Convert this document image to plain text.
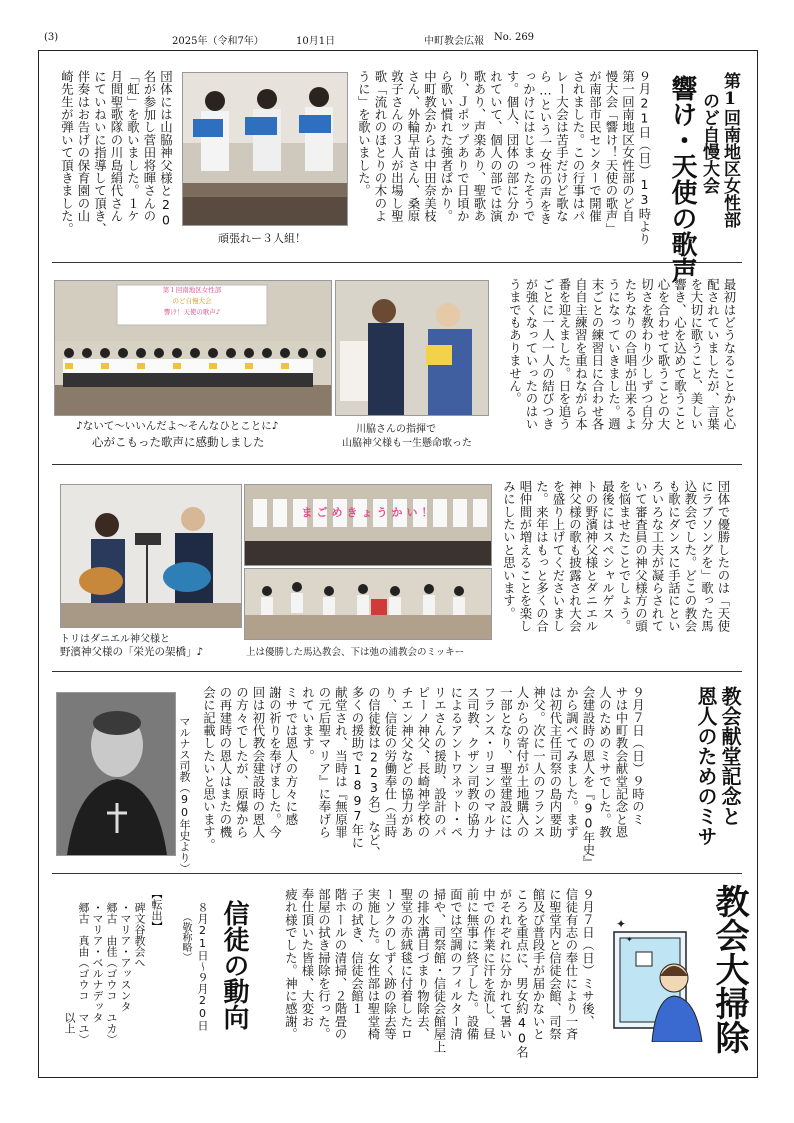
(3)	2025年（令和7年）	10月1日	中町教会広報 No. 269
第1回南地区女性部
のど自慢大会
響け・天使の歌声
９月21日（日）13時より
第一回南地区女性部のど自
慢大会「響け！天使の歌声」
が南部市民センターで開催
されました。この行事はパ
レー大会は苦手だけど歌な
ら…という一女性の声をき
っかけにはじまったそうで
す。個人、団体の部に分か
れていて、個人の部では演
歌あり、声楽あり、聖歌あ
り、Ｊポップありで日頃か
ら歌い慣れた強者ばかり。
中町教会からは中田奈美枝
さん、外輪早苗さん、桑原
敦子さんの３人が出場し聖
歌「流れのほとりの木のよ
うに」を歌いました。
頑張れー３人組！
団体には山脇神父様と20
名が参加し菅田将暉さんの
「虹」を歌いました。１ケ
月間聖歌隊の川島絹代さん
にていねいに指導して頂き、
伴奏はお告げの保育園の山
崎先生が弾いて頂きました。
最初はどうなることかと心
配されていましたが、言葉
を大切に歌うこと、美しい
響き、心を込めて歌うこと
心を合わせて歌うことの大
切さを教わり少しずつ自分
たちなりの合唱が出来るよ
うになっていきました。週
末ごとの練習日に合わせ各
自自主練習を重ねながら本
番を迎えました。日を追う
ごとに一人一人の結びつき
が強くなっていったのはい
うまでもありません。
第１回南地区女性部
のど自慢大会
響け！天使の歌声♪
♪ないて〜いいんだよ〜そんなひとことに♪
心がこもった歌声に感動しました
川脇さんの指揮で
山脇神父様も一生懸命歌った
団体で優勝したのは「天使
にラブソングを」歌った馬
込教会でした。どこの教会
も歌にダンスに手話にとい
ろいろな工夫が凝らされて
いて審査員の神父様方の頭
を悩ませたことでしょう。
最後にはスペシャルゲス
トの野濱神父様とダニエル
神父様の歌も披露され大会
を盛り上げてくださいまし
た。来年はもっと多くの合
唱仲間が増えることを楽し
みにしたいと思います。
トリはダニエル神父様と
野濱神父様の「栄光の架橋」♪
まごめきょうかい！
上は優勝した馬込教会、下は弛の浦教会のミッキー
教会献堂記念と
恩人のためのミサ
９月７日（日）９時のミ
サは中町教会献堂記念と恩
人のためのミサでした。教
会建設時の恩人を『90年史』
から調べてみました。まず
は初代主任司祭の島内要助
神父。次に一人のフランス
人からの寄付が土地購入の
一部となり、聖堂建設には
フランス・リヨンのマルナ
ス司教、クザン司教の協力
によるアントワネット・ペ
リエさんの援助、設計のパ
ピーノ神父、長崎神学校の
チエン神父などの協力があ
り、信徒の労働奉仕（当時
の信徒数は223名）など、
多くの援助で1897年に
献堂され、当時は『無原罪
の元后聖マリア』に奉げら
れています。
ミサでは恩人の方々に感
謝の祈りを奉げました。今
回は初代教会建設時の恩人
の方々でしたが、原爆から
の再建時の恩人はまたの機
会に記載したいと思います。
マルナス司教（90年史より）
教会大掃除
✦
✦
９月７日（日）ミサ後、
信徒有志の奉仕により一斉
に聖堂内と信徒会館、司祭
館及び普段手が届かないと
ころを重点に、男女約40名
がそれぞれに分かれて暑い
中での作業に汗を流し、昼
前に無事に終了した。設備
面では空調のフィルター清
掃や、司祭館・信徒会館屋上
の排水溝目づまり物除去、
聖堂の赤絨毯に付着したロ
ーソクのしずく跡の除去等
実施した。女性部は聖堂椅
子の拭き、信徒会館１
階ホールの清掃、２階畳の
部屋の拭き掃除を行った。
奉仕頂いた皆様、大変お
疲れ様でした。神に感謝。
信徒の動向
８月21日〜９月20日
（敬称略）
【転出】
碑文谷教会へ
・マリア・アッスンタ
郷古　由佳（ゴウコ　ユカ）
・マリア・ベルナデッタ
郷古　真由（ゴウコ　マユ）
以上
